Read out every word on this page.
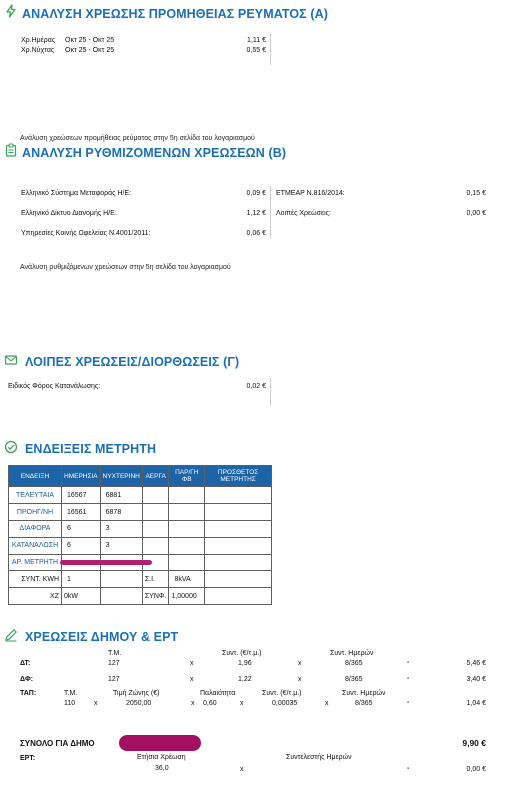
ΑΝΑΛΥΣΗ ΧΡΕΩΣΗΣ ΠΡΟΜΗΘΕΙΑΣ ΡΕΥΜΑΤΟΣ (Α)
Χρ.Ημέρας Οκτ 25 - Οκτ 25	1,11 €
Χρ.Νύχτας Οκτ 25 - Οκτ 25	0,55 €
Ανάλυση χρεώσεων προμήθειας ρεύματος στην 5η σελίδα του λογαριασμού
ΑΝΑΛΥΣΗ ΡΥΘΜΙΖΟΜΕΝΩΝ ΧΡΕΩΣΕΩΝ (Β)
Ελληνικό Σύστημα Μεταφοράς Η/Ε:	0,09 €
Ελληνικό Δίκτυο Διανομής Η/Ε:	1,12 €
Υπηρεσίες Κοινής Ωφελείας Ν.4001/2011:	0,06 €
ΕΤΜΕΑΡ Ν.816/2014:	0,15 €
Λοιπές Χρεώσεις:	0,00 €
Ανάλυση ρυθμιζόμενων χρεώσεων στην 5η σελίδα του λογαριασμού
ΛΟΙΠΕΣ ΧΡΕΩΣΕΙΣ/ΔΙΟΡΘΩΣΕΙΣ (Γ)
Ειδικός Φόρος Κατανάλωσης:	0,02 €
ΕΝΔΕΙΞΕΙΣ ΜΕΤΡΗΤΗ
ΕΝΔΕΙΞΗ	ΗΜΕΡΗΣΙΑ	ΝΥΧΤΕΡΙΝΗ	ΑΕΡΓΑ	ΠΑΡ/ΓΗ ΦΒ	ΠΡΟΣΘΕΤΟΣ ΜΕΤΡΗΤΗΣ
ΤΕΛΕΥΤΑΙΑ	16567	6881			
ΠΡΟΗΓ/ΝΗ	16561	6878			
ΔΙΑΦΟΡΑ	6	3			
ΚΑΤΑΝΑΛΩΣΗ	6	3			
ΑΡ. ΜΕΤΡΗΤΗ					
ΣΥΝΤ. KWH	1		Σ.Ι.	8kVA	
ΧΖ	0kW		ΣΥΝΦ.	1,00000	
ΧΡΕΩΣΕΙΣ ΔΗΜΟΥ & ΕΡΤ
Τ.Μ.	Συντ. (€/τ.μ.)	Συντ. Ημερών
ΔΤ:	127	x	1,96	x	8/365	-	5,46 €
ΔΦ:	127	x	1,22	x	8/365	-	3,40 €
ΤΑΠ:	Τ.Μ.	Τιμή Ζώνης (€)	Παλαιότητα	Συντ. (€/τ.μ.)	Συντ. Ημερών
110	x	2050,00	x 0,60	x	0,00035	x	8/365	-	1,04 €
ΣΥΝΟΛΟ ΓΙΑ ΔΗΜΟ	9,90 €
ΕΡΤ:	Ετήσια Χρέωση	Συντελεστής Ημερών
36,0	x	-	0,00 €
